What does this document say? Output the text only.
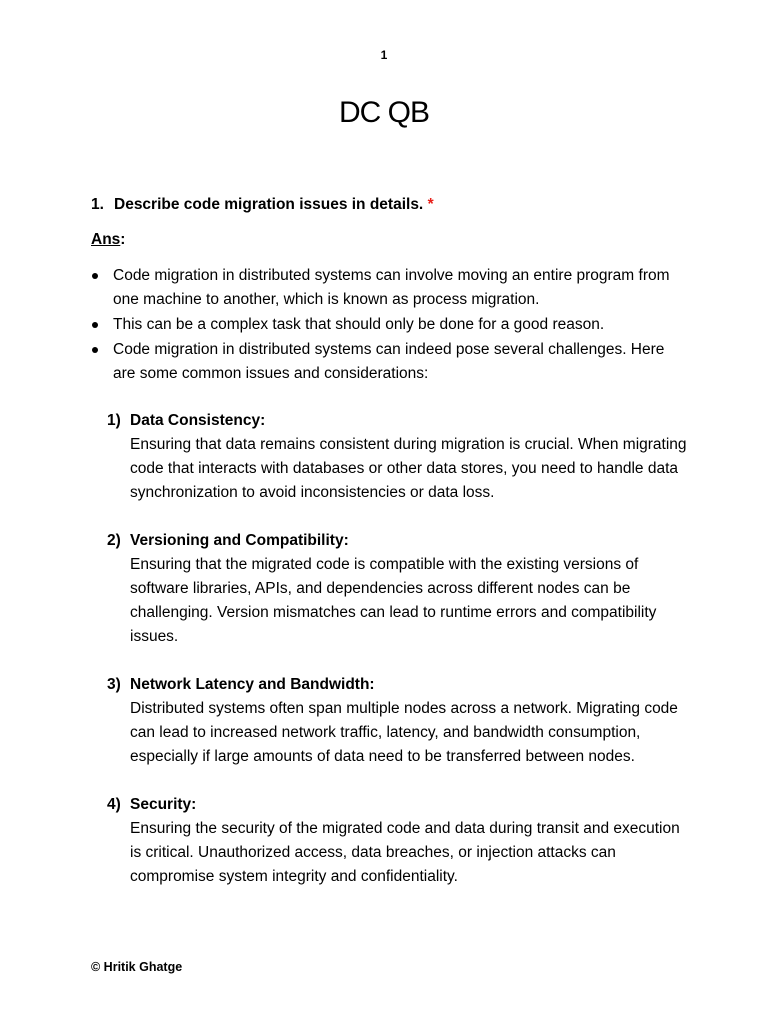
1
DC QB

1. Describe code migration issues in details. *

Ans:
Code migration in distributed systems can involve moving an entire program from one machine to another, which is known as process migration.
This can be a complex task that should only be done for a good reason.
Code migration in distributed systems can indeed pose several challenges. Here are some common issues and considerations:
1) Data Consistency:
Ensuring that data remains consistent during migration is crucial. When migrating code that interacts with databases or other data stores, you need to handle data synchronization to avoid inconsistencies or data loss.
2) Versioning and Compatibility:
Ensuring that the migrated code is compatible with the existing versions of software libraries, APIs, and dependencies across different nodes can be challenging. Version mismatches can lead to runtime errors and compatibility issues.
3) Network Latency and Bandwidth:
Distributed systems often span multiple nodes across a network. Migrating code can lead to increased network traffic, latency, and bandwidth consumption, especially if large amounts of data need to be transferred between nodes.
4) Security:
Ensuring the security of the migrated code and data during transit and execution is critical. Unauthorized access, data breaches, or injection attacks can compromise system integrity and confidentiality.
© Hritik Ghatge
